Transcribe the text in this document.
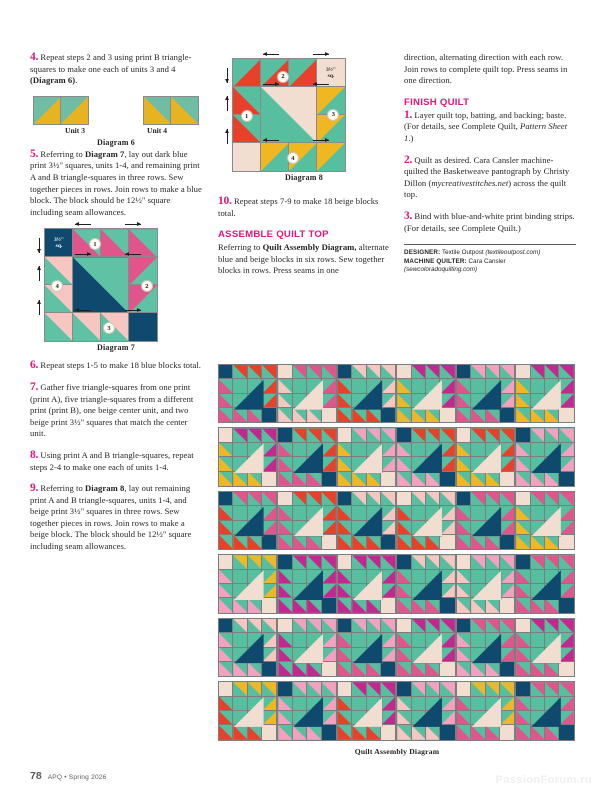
4. Repeat steps 2 and 3 using print B triangle-squares to make one each of units 3 and 4 (Diagram 6).

Unit 3	Unit 4
Diagram 6

5. Referring to Diagram 7, lay out dark blue print 3½" squares, units 1-4, and remaining print A and B triangle-squares in three rows. Sew together pieces in rows. Join rows to make a blue block. The block should be 12½" square including seam allowances.

3½"
sq.	1
2
3
4
Diagram 7

6. Repeat steps 1-5 to make 18 blue blocks total.

7. Gather five triangle-squares from one print (print A), five triangle-squares from a different print (print B), one beige center unit, and two beige print 3½" squares that match the center unit.

8. Using print A and B triangle-squares, repeat steps 2-4 to make one each of units 1-4.

9. Referring to Diagram 8, lay out remaining print A and B triangle-squares, units 1-4, and beige print 3½" squares in three rows. Sew together pieces in rows. Join rows to make a beige block. The block should be 12½" square including seam allowances.

3½"
sq.
1
2
3
4
Diagram 8

10. Repeat steps 7-9 to make 18 beige blocks total.

ASSEMBLE QUILT TOP

Referring to Quilt Assembly Diagram, alternate blue and beige blocks in six rows. Sew together blocks in rows. Press seams in one

direction, alternating direction with each row. Join rows to complete quilt top. Press seams in one direction.

FINISH QUILT

1. Layer quilt top, batting, and backing; baste. (For details, see Complete Quilt, Pattern Sheet 1.)

2. Quilt as desired. Cara Cansler machine-quilted the Basketweave pantograph by Christy Dillon (mycreativestitches.net) across the quilt top.

3. Bind with blue-and-white print binding strips. (For details, see Complete Quilt.)

DESIGNER: Textile Outpost (textileoutpost.com)
MACHINE QUILTER: Cara Cansler
(sewcoloradoquilting.com)
Quilt Assembly Diagram
78 APQ • Spring 2026	PassionForum.ru
